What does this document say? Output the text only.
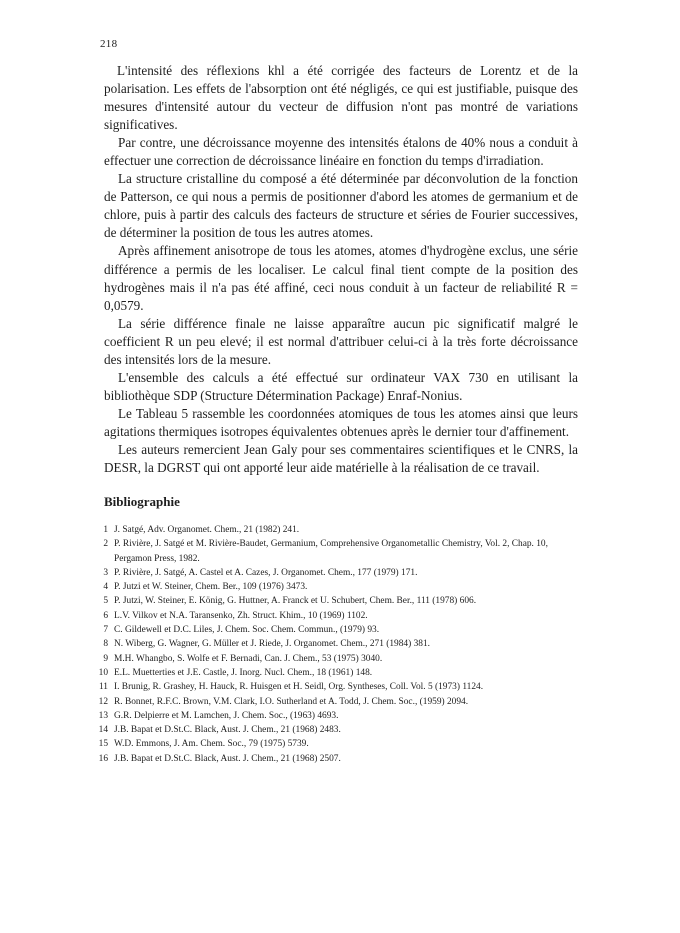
218

L'intensité des réflexions khl a été corrigée des facteurs de Lorentz et de la polarisation. Les effets de l'absorption ont été négligés, ce qui est justifiable, puisque des mesures d'intensité autour du vecteur de diffusion n'ont pas montré de variations significatives.

Par contre, une décroissance moyenne des intensités étalons de 40% nous a conduit à effectuer une correction de décroissance linéaire en fonction du temps d'irradiation.

La structure cristalline du composé a été déterminée par déconvolution de la fonction de Patterson, ce qui nous a permis de positionner d'abord les atomes de germanium et de chlore, puis à partir des calculs des facteurs de structure et séries de Fourier successives, de déterminer la position de tous les autres atomes.

Après affinement anisotrope de tous les atomes, atomes d'hydrogène exclus, une série différence a permis de les localiser. Le calcul final tient compte de la position des hydrogènes mais il n'a pas été affiné, ceci nous conduit à un facteur de reliabilité R = 0,0579.

La série différence finale ne laisse apparaître aucun pic significatif malgré le coefficient R un peu elevé; il est normal d'attribuer celui-ci à la très forte décroissance des intensités lors de la mesure.

L'ensemble des calculs a été effectué sur ordinateur VAX 730 en utilisant la bibliothèque SDP (Structure Détermination Package) Enraf-Nonius.

Le Tableau 5 rassemble les coordonnées atomiques de tous les atomes ainsi que leurs agitations thermiques isotropes équivalentes obtenues après le dernier tour d'affinement.

Les auteurs remercient Jean Galy pour ses commentaires scientifiques et le CNRS, la DESR, la DGRST qui ont apporté leur aide matérielle à la réalisation de ce travail.

Bibliographie
1 J. Satgé, Adv. Organomet. Chem., 21 (1982) 241.
2 P. Rivière, J. Satgé et M. Rivière-Baudet, Germanium, Comprehensive Organometallic Chemistry, Vol. 2, Chap. 10, Pergamon Press, 1982.
3 P. Rivière, J. Satgé, A. Castel et A. Cazes, J. Organomet. Chem., 177 (1979) 171.
4 P. Jutzi et W. Steiner, Chem. Ber., 109 (1976) 3473.
5 P. Jutzi, W. Steiner, E. König, G. Huttner, A. Franck et U. Schubert, Chem. Ber., 111 (1978) 606.
6 L.V. Vilkov et N.A. Taransenko, Zh. Struct. Khim., 10 (1969) 1102.
7 C. Gildewell et D.C. Liles, J. Chem. Soc. Chem. Commun., (1979) 93.
8 N. Wiberg, G. Wagner, G. Müller et J. Riede, J. Organomet. Chem., 271 (1984) 381.
9 M.H. Whangbo, S. Wolfe et F. Bernadi, Can. J. Chem., 53 (1975) 3040.
10 E.L. Muetterties et J.E. Castle, J. Inorg. Nucl. Chem., 18 (1961) 148.
11 I. Brunig, R. Grashey, H. Hauck, R. Huisgen et H. Seidl, Org. Syntheses, Coll. Vol. 5 (1973) 1124.
12 R. Bonnet, R.F.C. Brown, V.M. Clark, I.O. Sutherland et A. Todd, J. Chem. Soc., (1959) 2094.
13 G.R. Delpierre et M. Lamchen, J. Chem. Soc., (1963) 4693.
14 J.B. Bapat et D.St.C. Black, Aust. J. Chem., 21 (1968) 2483.
15 W.D. Emmons, J. Am. Chem. Soc., 79 (1975) 5739.
16 J.B. Bapat et D.St.C. Black, Aust. J. Chem., 21 (1968) 2507.
